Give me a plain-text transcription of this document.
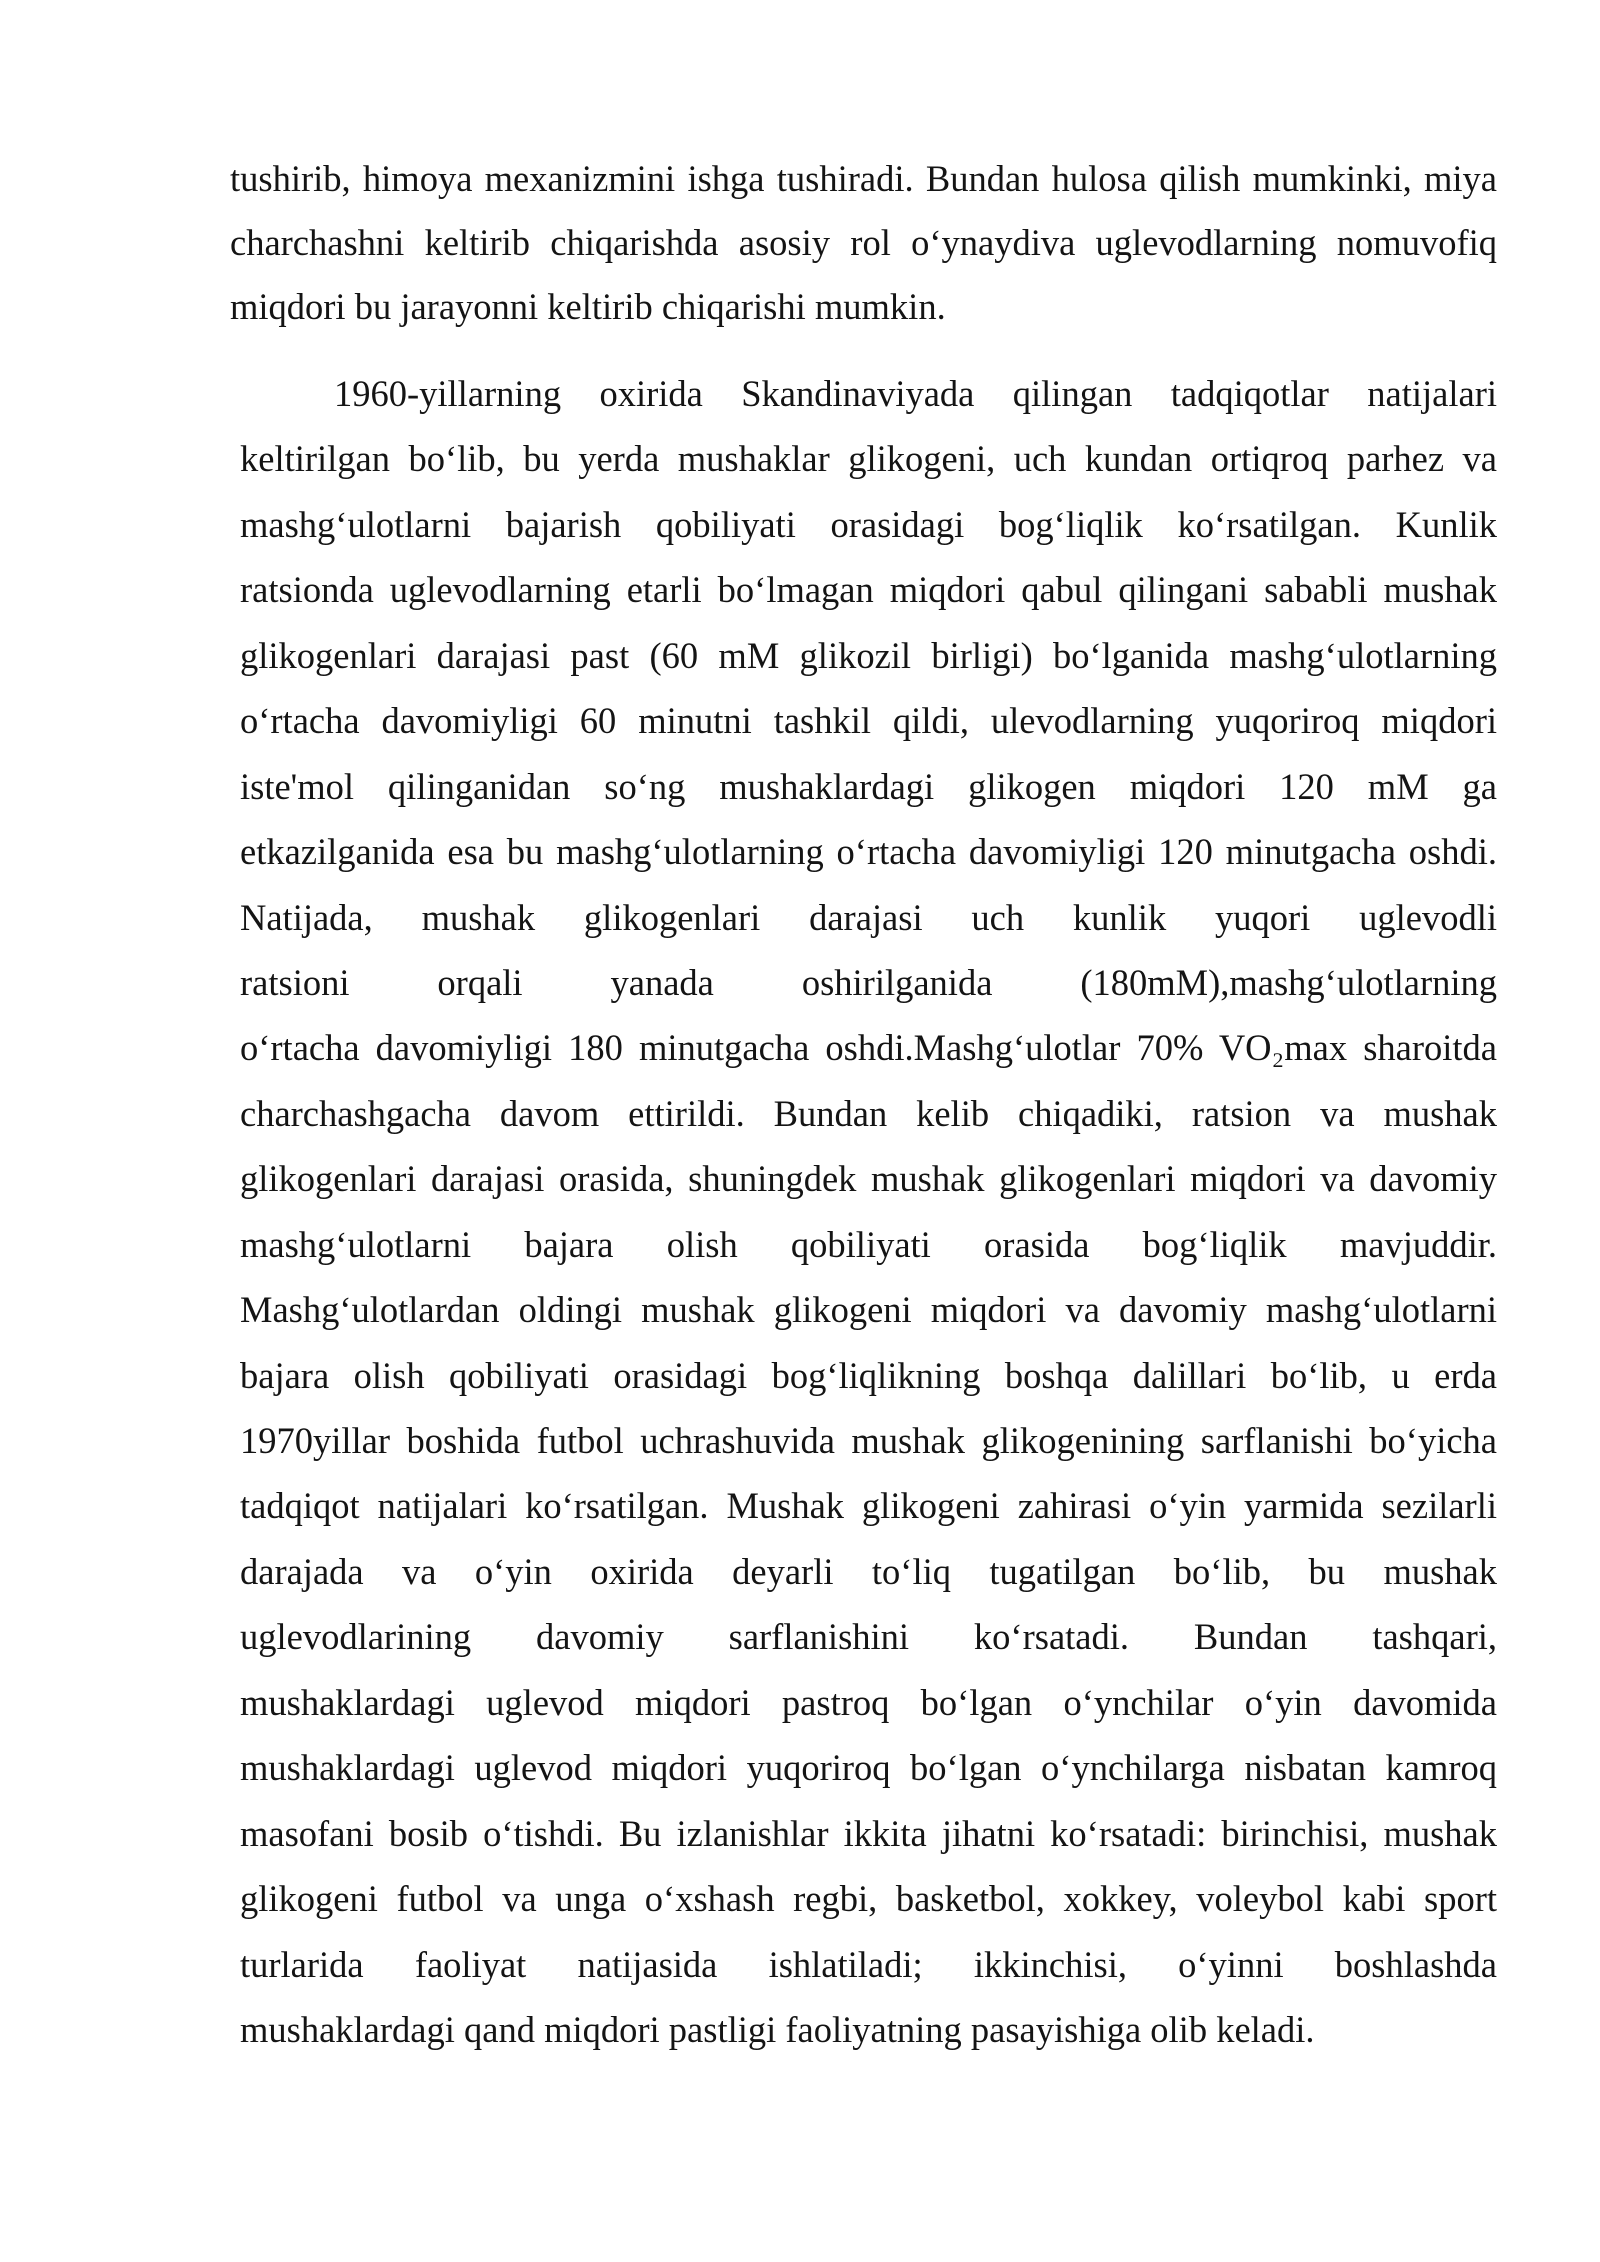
tushirib, himoya mexanizmini ishga tushiradi. Bundan hulosa qilish mumkinki, miya
charchashni keltirib chiqarishda asosiy rol o‘ynaydiva uglevodlarning nomuvofiq
miqdori bu jarayonni keltirib chiqarishi mumkin.
1960-yillarning oxirida Skandinaviyada qilingan tadqiqotlar natijalari
keltirilgan bo‘lib, bu yerda mushaklar glikogeni, uch kundan ortiqroq parhez va
mashg‘ulotlarni bajarish qobiliyati orasidagi bog‘liqlik ko‘rsatilgan. Kunlik
ratsionda uglevodlarning etarli bo‘lmagan miqdori qabul qilingani sababli mushak
glikogenlari darajasi past (60 mM glikozil birligi) bo‘lganida mashg‘ulotlarning
o‘rtacha davomiyligi 60 minutni tashkil qildi, ulevodlarning yuqoriroq miqdori
iste'mol qilinganidan so‘ng mushaklardagi glikogen miqdori 120 mM ga
etkazilganida esa bu mashg‘ulotlarning o‘rtacha davomiyligi 120 minutgacha oshdi.
Natijada, mushak glikogenlari darajasi uch kunlik yuqori uglevodli
ratsioni orqali yanada oshirilganida (180mM),mashg‘ulotlarning
o‘rtacha davomiyligi 180 minutgacha oshdi.Mashg‘ulotlar 70% VO₂max sharoitda
charchashgacha davom ettirildi. Bundan kelib chiqadiki, ratsion va mushak
glikogenlari darajasi orasida, shuningdek mushak glikogenlari miqdori va davomiy
mashg‘ulotlarni bajara olish qobiliyati orasida bog‘liqlik mavjuddir.
Mashg‘ulotlardan oldingi mushak glikogeni miqdori va davomiy mashg‘ulotlarni
bajara olish qobiliyati orasidagi bog‘liqlikning boshqa dalillari bo‘lib, u erda
1970yillar boshida futbol uchrashuvida mushak glikogenining sarflanishi bo‘yicha
tadqiqot natijalari ko‘rsatilgan. Mushak glikogeni zahirasi o‘yin yarmida sezilarli
darajada va o‘yin oxirida deyarli to‘liq tugatilgan bo‘lib, bu mushak
uglevodlarining davomiy sarflanishini ko‘rsatadi. Bundan tashqari,
mushaklardagi uglevod miqdori pastroq bo‘lgan o‘ynchilar o‘yin davomida
mushaklardagi uglevod miqdori yuqoriroq bo‘lgan o‘ynchilarga nisbatan kamroq
masofani bosib o‘tishdi. Bu izlanishlar ikkita jihatni ko‘rsatadi: birinchisi, mushak
glikogeni futbol va unga o‘xshash regbi, basketbol, xokkey, voleybol kabi sport
turlarida faoliyat natijasida ishlatiladi; ikkinchisi, o‘yinni boshlashda
mushaklardagi qand miqdori pastligi faoliyatning pasayishiga olib keladi.
